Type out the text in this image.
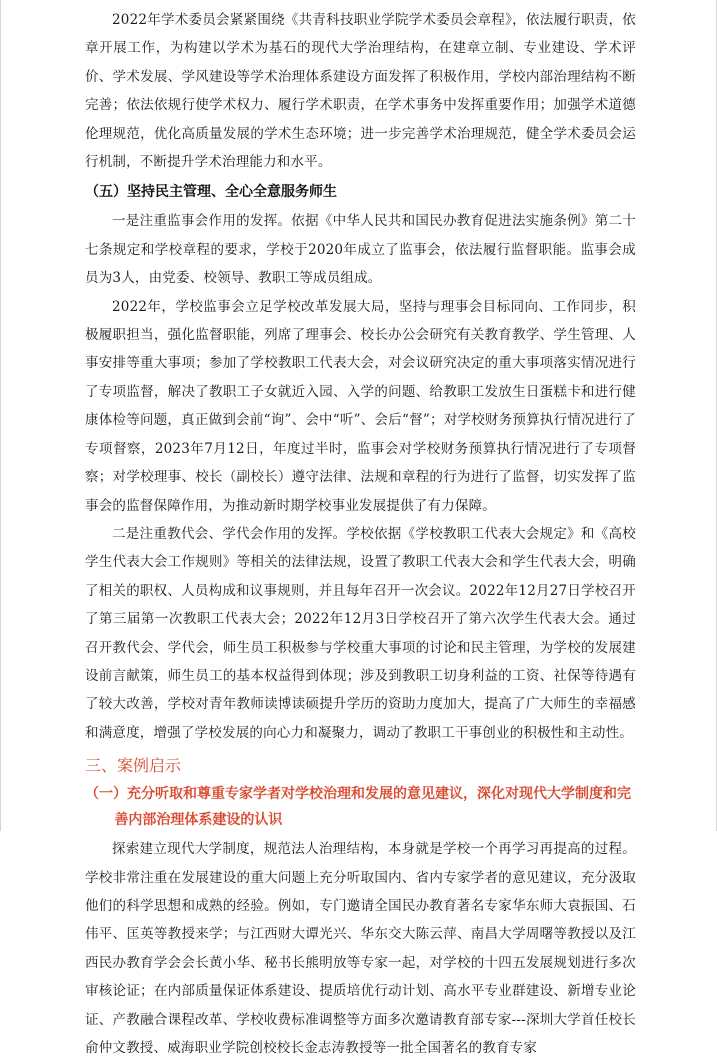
2022年学术委员会紧紧围绕《共青科技职业学院学术委员会章程》，依法履行职责，依章开展工作，为构建以学术为基石的现代大学治理结构，在建章立制、专业建设、学术评价、学术发展、学风建设等学术治理体系建设方面发挥了积极作用，学校内部治理结构不断完善；依法依规行使学术权力、履行学术职责，在学术事务中发挥重要作用；加强学术道德伦理规范，优化高质量发展的学术生态环境；进一步完善学术治理规范，健全学术委员会运行机制，不断提升学术治理能力和水平。

（五）坚持民主管理、全心全意服务师生

一是注重监事会作用的发挥。依据《中华人民共和国民办教育促进法实施条例》第二十七条规定和学校章程的要求，学校于2020年成立了监事会，依法履行监督职能。监事会成员为3人，由党委、校领导、教职工等成员组成。

2022年，学校监事会立足学校改革发展大局，坚持与理事会目标同向、工作同步，积极履职担当，强化监督职能，列席了理事会、校长办公会研究有关教育教学、学生管理、人事安排等重大事项；参加了学校教职工代表大会，对会议研究决定的重大事项落实情况进行了专项监督，解决了教职工子女就近入园、入学的问题、给教职工发放生日蛋糕卡和进行健康体检等问题，真正做到会前“询”、会中“听”、会后“督”；对学校财务预算执行情况进行了专项督察，2023年7月12日，年度过半时，监事会对学校财务预算执行情况进行了专项督察；对学校理事、校长（副校长）遵守法律、法规和章程的行为进行了监督，切实发挥了监事会的监督保障作用，为推动新时期学校事业发展提供了有力保障。

二是注重教代会、学代会作用的发挥。学校依据《学校教职工代表大会规定》和《高校学生代表大会工作规则》等相关的法律法规，设置了教职工代表大会和学生代表大会，明确了相关的职权、人员构成和议事规则，并且每年召开一次会议。2022年12月27日学校召开了第三届第一次教职工代表大会；2022年12月3日学校召开了第六次学生代表大会。通过召开教代会、学代会，师生员工积极参与学校重大事项的讨论和民主管理，为学校的发展建设前言献策，师生员工的基本权益得到体现；涉及到教职工切身利益的工资、社保等待遇有了较大改善，学校对青年教师读博读硕提升学历的资助力度加大，提高了广大师生的幸福感和满意度，增强了学校发展的向心力和凝聚力，调动了教职工干事创业的积极性和主动性。

三、案例启示

（一）充分听取和尊重专家学者对学校治理和发展的意见建议，深化对现代大学制度和完善内部治理体系建设的认识

探索建立现代大学制度，规范法人治理结构，本身就是学校一个再学习再提高的过程。学校非常注重在发展建设的重大问题上充分听取国内、省内专家学者的意见建议，充分汲取他们的科学思想和成熟的经验。例如，专门邀请全国民办教育著名专家华东师大袁振国、石伟平、匡英等教授来学；与江西财大谭光兴、华东交大陈云萍、南昌大学周曙等教授以及江西民办教育学会会长黄小华、秘书长熊明放等专家一起，对学校的十四五发展规划进行多次审核论证；在内部质量保证体系建设、提质培优行动计划、高水平专业群建设、新增专业论证、产教融合课程改革、学校收费标准调整等方面多次邀请教育部专家---深圳大学首任校长俞仲文教授、威海职业学院创校校长金志涛教授等一批全国著名的教育专家
